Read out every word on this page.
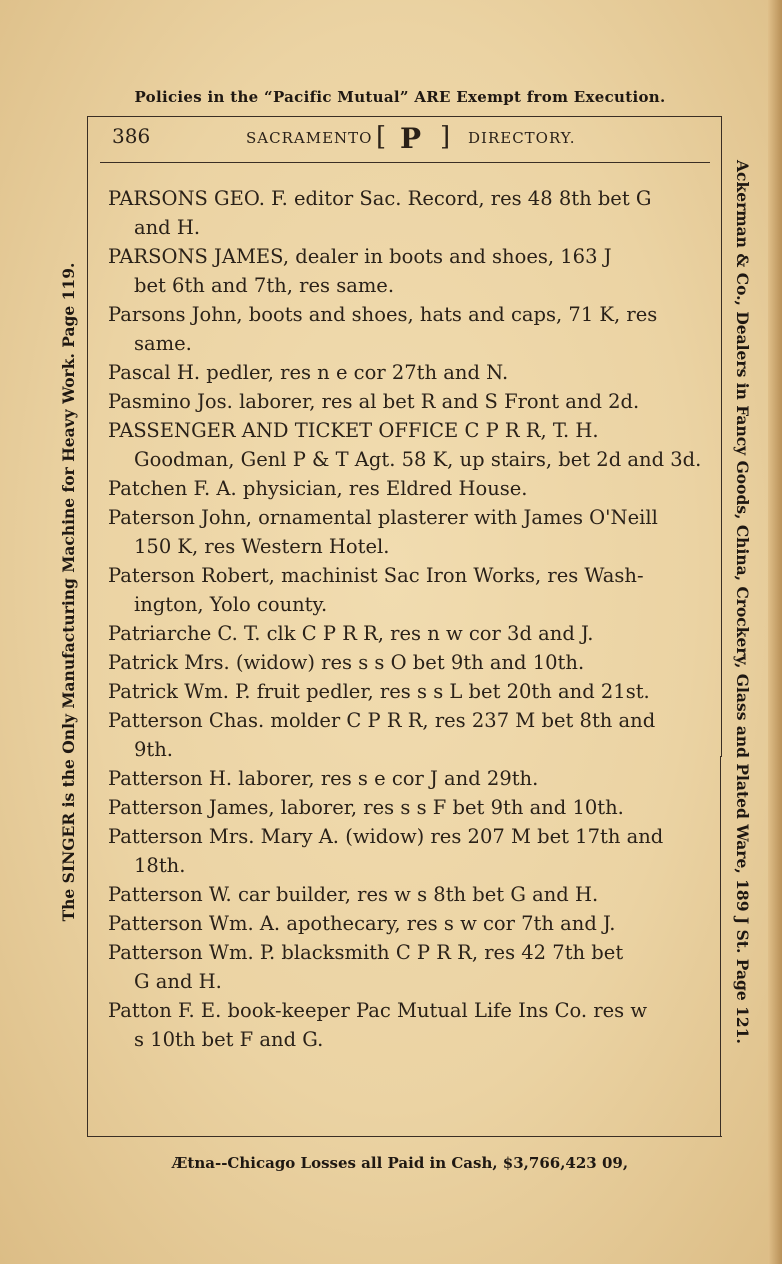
Policies in the “Pacific Mutual” ARE Exempt from Execution.
The SINGER is the Only Manufacturing Machine for Heavy Work. Page 119.	Ackerman & Co., Dealers in Fancy Goods, China, Crockery, Glass and Plated Ware, 189 J St. Page 121.
386	SACRAMENTO [ P ] DIRECTORY.
PARSONS GEO. F. editor Sac. Record, res 48 8th bet G
and H.
PARSONS JAMES, dealer in boots and shoes, 163 J
bet 6th and 7th, res same.
Parsons John, boots and shoes, hats and caps, 71 K, res
same.
Pascal H. pedler, res n e cor 27th and N.
Pasmino Jos. laborer, res al bet R and S Front and 2d.
PASSENGER AND TICKET OFFICE C P R R, T. H.
Goodman, Genl P & T Agt. 58 K, up stairs, bet 2d and 3d.
Patchen F. A. physician, res Eldred House.
Paterson John, ornamental plasterer with James O'Neill
150 K, res Western Hotel.
Paterson Robert, machinist Sac Iron Works, res Wash-
ington, Yolo county.
Patriarche C. T. clk C P R R, res n w cor 3d and J.
Patrick Mrs. (widow) res s s O bet 9th and 10th.
Patrick Wm. P. fruit pedler, res s s L bet 20th and 21st.
Patterson Chas. molder C P R R, res 237 M bet 8th and
9th.
Patterson H. laborer, res s e cor J and 29th.
Patterson James, laborer, res s s F bet 9th and 10th.
Patterson Mrs. Mary A. (widow) res 207 M bet 17th and
18th.
Patterson W. car builder, res w s 8th bet G and H.
Patterson Wm. A. apothecary, res s w cor 7th and J.
Patterson Wm. P. blacksmith C P R R, res 42 7th bet
G and H.
Patton F. E. book-keeper Pac Mutual Life Ins Co. res w
s 10th bet F and G.
Ætna--Chicago Losses all Paid in Cash, $3,766,423 09,
